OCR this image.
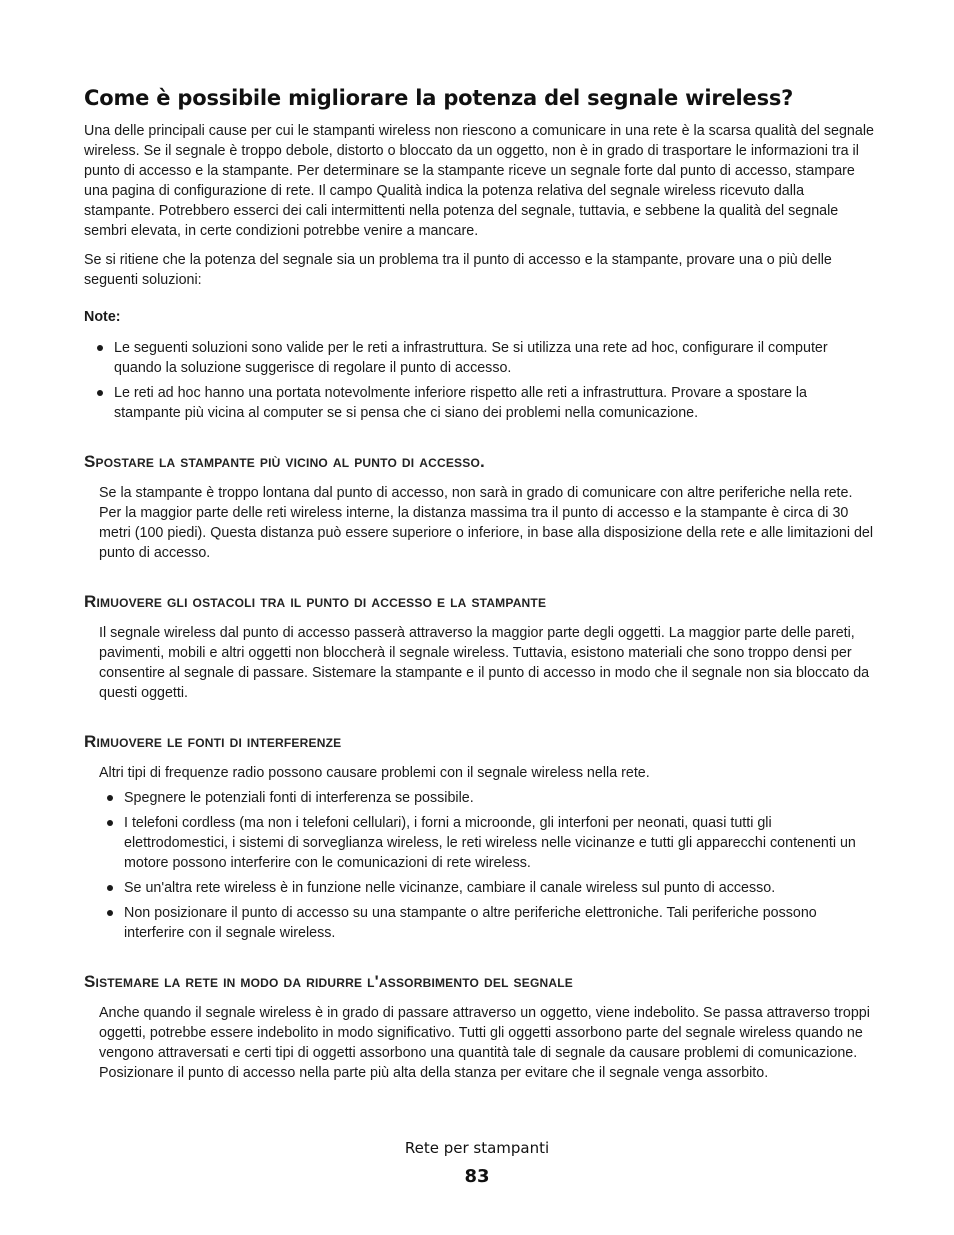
Come è possibile migliorare la potenza del segnale wireless?

Una delle principali cause per cui le stampanti wireless non riescono a comunicare in una rete è la scarsa qualità del segnale wireless. Se il segnale è troppo debole, distorto o bloccato da un oggetto, non è in grado di trasportare le informazioni tra il punto di accesso e la stampante. Per determinare se la stampante riceve un segnale forte dal punto di accesso, stampare una pagina di configurazione di rete. Il campo Qualità indica la potenza relativa del segnale wireless ricevuto dalla stampante. Potrebbero esserci dei cali intermittenti nella potenza del segnale, tuttavia, e sebbene la qualità del segnale sembri elevata, in certe condizioni potrebbe venire a mancare.

Se si ritiene che la potenza del segnale sia un problema tra il punto di accesso e la stampante, provare una o più delle seguenti soluzioni:

Note:

Le seguenti soluzioni sono valide per le reti a infrastruttura. Se si utilizza una rete ad hoc, configurare il computer quando la soluzione suggerisce di regolare il punto di accesso.
Le reti ad hoc hanno una portata notevolmente inferiore rispetto alle reti a infrastruttura. Provare a spostare la stampante più vicina al computer se si pensa che ci siano dei problemi nella comunicazione.
Spostare la stampante più vicino al punto di accesso.

Se la stampante è troppo lontana dal punto di accesso, non sarà in grado di comunicare con altre periferiche nella rete. Per la maggior parte delle reti wireless interne, la distanza massima tra il punto di accesso e la stampante è circa di 30 metri (100 piedi). Questa distanza può essere superiore o inferiore, in base alla disposizione della rete e alle limitazioni del punto di accesso.

Rimuovere gli ostacoli tra il punto di accesso e la stampante

Il segnale wireless dal punto di accesso passerà attraverso la maggior parte degli oggetti. La maggior parte delle pareti, pavimenti, mobili e altri oggetti non bloccherà il segnale wireless. Tuttavia, esistono materiali che sono troppo densi per consentire al segnale di passare. Sistemare la stampante e il punto di accesso in modo che il segnale non sia bloccato da questi oggetti.

Rimuovere le fonti di interferenze

Altri tipi di frequenze radio possono causare problemi con il segnale wireless nella rete.

Spegnere le potenziali fonti di interferenza se possibile.
I telefoni cordless (ma non i telefoni cellulari), i forni a microonde, gli interfoni per neonati, quasi tutti gli elettrodomestici, i sistemi di sorveglianza wireless, le reti wireless nelle vicinanze e tutti gli apparecchi contenenti un motore possono interferire con le comunicazioni di rete wireless.
Se un'altra rete wireless è in funzione nelle vicinanze, cambiare il canale wireless sul punto di accesso.
Non posizionare il punto di accesso su una stampante o altre periferiche elettroniche. Tali periferiche possono interferire con il segnale wireless.
Sistemare la rete in modo da ridurre l'assorbimento del segnale

Anche quando il segnale wireless è in grado di passare attraverso un oggetto, viene indebolito. Se passa attraverso troppi oggetti, potrebbe essere indebolito in modo significativo. Tutti gli oggetti assorbono parte del segnale wireless quando ne vengono attraversati e certi tipi di oggetti assorbono una quantità tale di segnale da causare problemi di comunicazione. Posizionare il punto di accesso nella parte più alta della stanza per evitare che il segnale venga assorbito.

Rete per stampanti
83
